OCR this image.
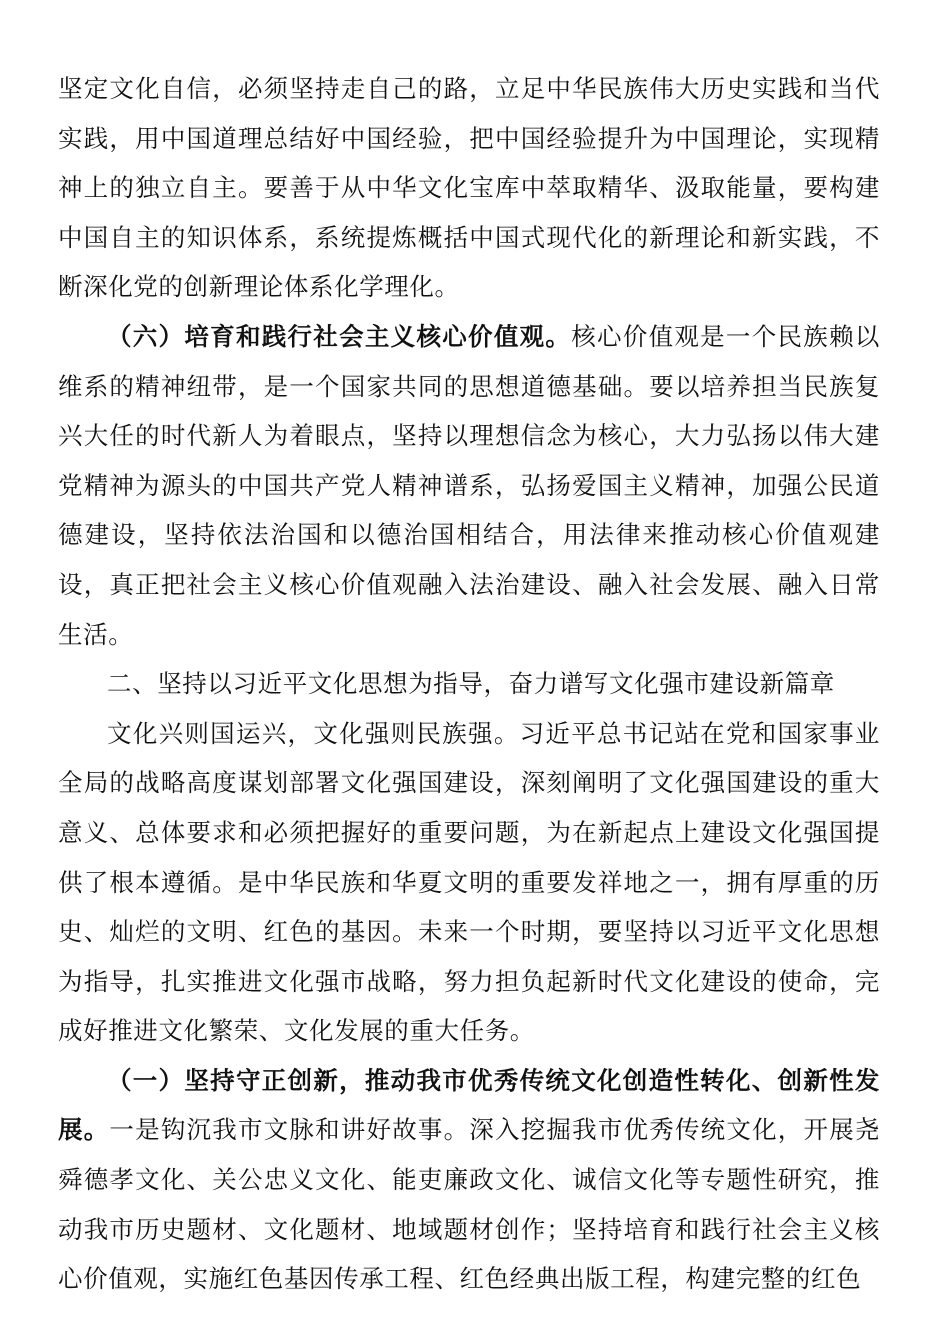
坚定文化自信，必须坚持走自己的路，立足中华民族伟大历史实践和当代实践，用中国道理总结好中国经验，把中国经验提升为中国理论，实现精神上的独立自主。要善于从中华文化宝库中萃取精华、汲取能量，要构建中国自主的知识体系，系统提炼概括中国式现代化的新理论和新实践，不断深化党的创新理论体系化学理化。

（六）培育和践行社会主义核心价值观。核心价值观是一个民族赖以维系的精神纽带，是一个国家共同的思想道德基础。要以培养担当民族复兴大任的时代新人为着眼点，坚持以理想信念为核心，大力弘扬以伟大建党精神为源头的中国共产党人精神谱系，弘扬爱国主义精神，加强公民道德建设，坚持依法治国和以德治国相结合，用法律来推动核心价值观建设，真正把社会主义核心价值观融入法治建设、融入社会发展、融入日常生活。

二、坚持以习近平文化思想为指导，奋力谱写文化强市建设新篇章

文化兴则国运兴，文化强则民族强。习近平总书记站在党和国家事业全局的战略高度谋划部署文化强国建设，深刻阐明了文化强国建设的重大意义、总体要求和必须把握好的重要问题，为在新起点上建设文化强国提供了根本遵循。是中华民族和华夏文明的重要发祥地之一，拥有厚重的历史、灿烂的文明、红色的基因。未来一个时期，要坚持以习近平文化思想为指导，扎实推进文化强市战略，努力担负起新时代文化建设的使命，完成好推进文化繁荣、文化发展的重大任务。

（一）坚持守正创新，推动我市优秀传统文化创造性转化、创新性发展。一是钩沉我市文脉和讲好故事。深入挖掘我市优秀传统文化，开展尧舜德孝文化、关公忠义文化、能吏廉政文化、诚信文化等专题性研究，推动我市历史题材、文化题材、地域题材创作；坚持培育和践行社会主义核心价值观，实施红色基因传承工程、红色经典出版工程，构建完整的红色
